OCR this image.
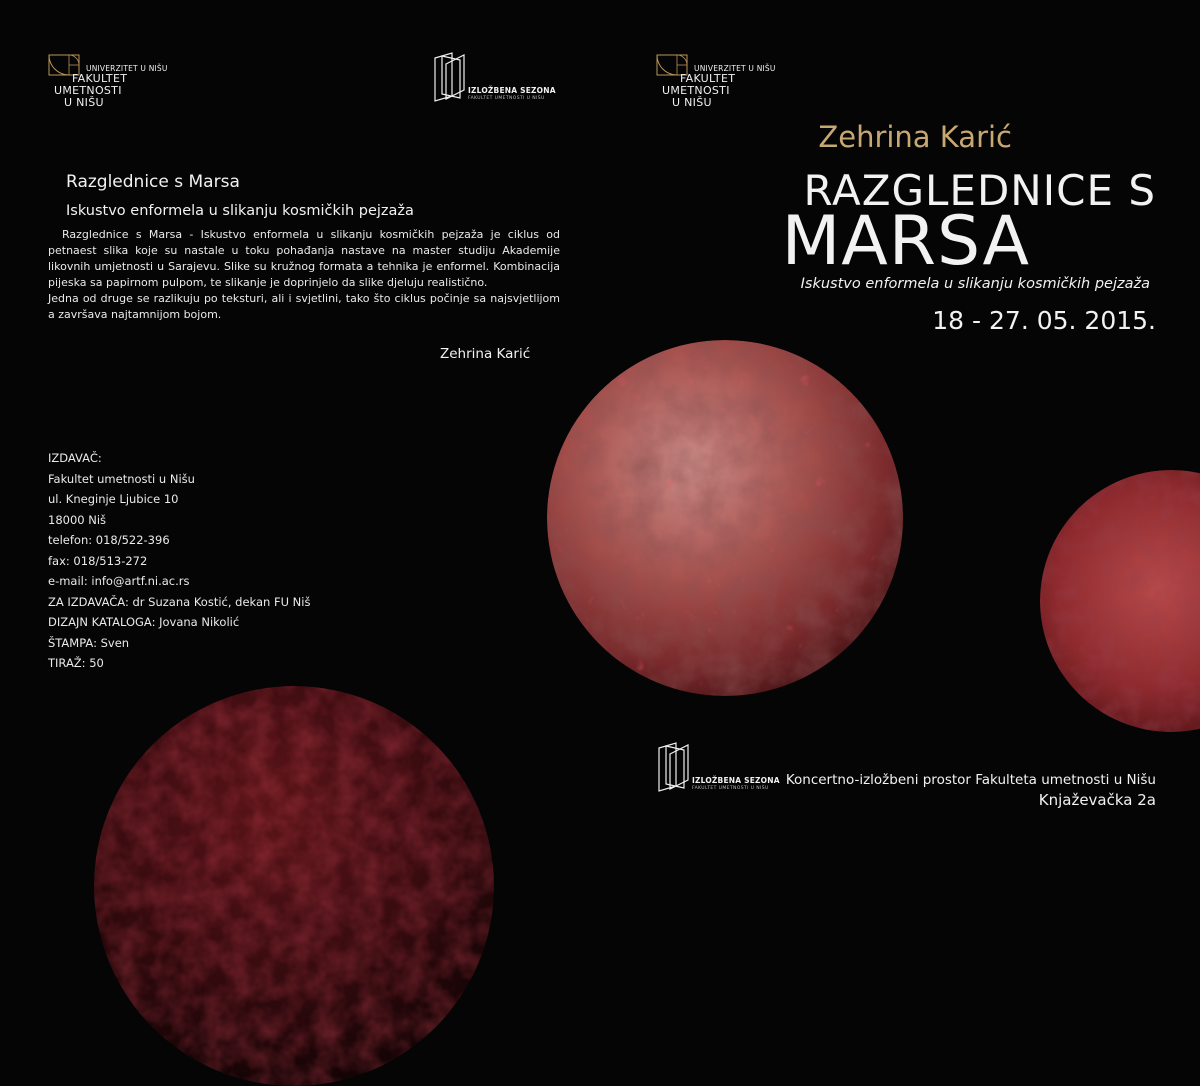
UNIVERZITET U NIŠU
FAKULTET
UMETNOSTI
U NIŠU
IZLOŽBENA SEZONA
FAKULTET UMETNOSTI U NIŠU
Razglednice s Marsa
Iskustvo enformela u slikanju kosmičkih pejzaža

Razglednice s Marsa - Iskustvo enformela u slikanju kosmičkih pejzaža je ciklus od petnaest slika koje su nastale u toku pohađanja nastave na master studiju Akademije likovnih umjetnosti u Sarajevu. Slike su kružnog formata a tehnika je enformel. Kombinacija pijeska sa papirnom pulpom, te slikanje je doprinjelo da slike djeluju realistično.

Jedna od druge se razlikuju po teksturi, ali i svjetlini, tako što ciklus počinje sa najsvjetlijom a završava najtamnijom bojom.

Zehrina Karić
IZDAVAČ:
Fakultet umetnosti u Nišu
ul. Kneginje Ljubice 10
18000 Niš
telefon: 018/522-396
fax: 018/513-272
e-mail: info@artf.ni.ac.rs
ZA IZDAVAČA: dr Suzana Kostić, dekan FU Niš
DIZAJN KATALOGA: Jovana Nikolić
ŠTAMPA: Sven
TIRAŽ: 50
UNIVERZITET U NIŠU
FAKULTET
UMETNOSTI
U NIŠU
Zehrina Karić
RAZGLEDNICE S
MARSA
Iskustvo enformela u slikanju kosmičkih pejzaža
18 - 27. 05. 2015.
IZLOŽBENA SEZONA
FAKULTET UMETNOSTI U NIŠU
Koncertno-izložbeni prostor Fakulteta umetnosti u Nišu
Knjaževačka 2a
